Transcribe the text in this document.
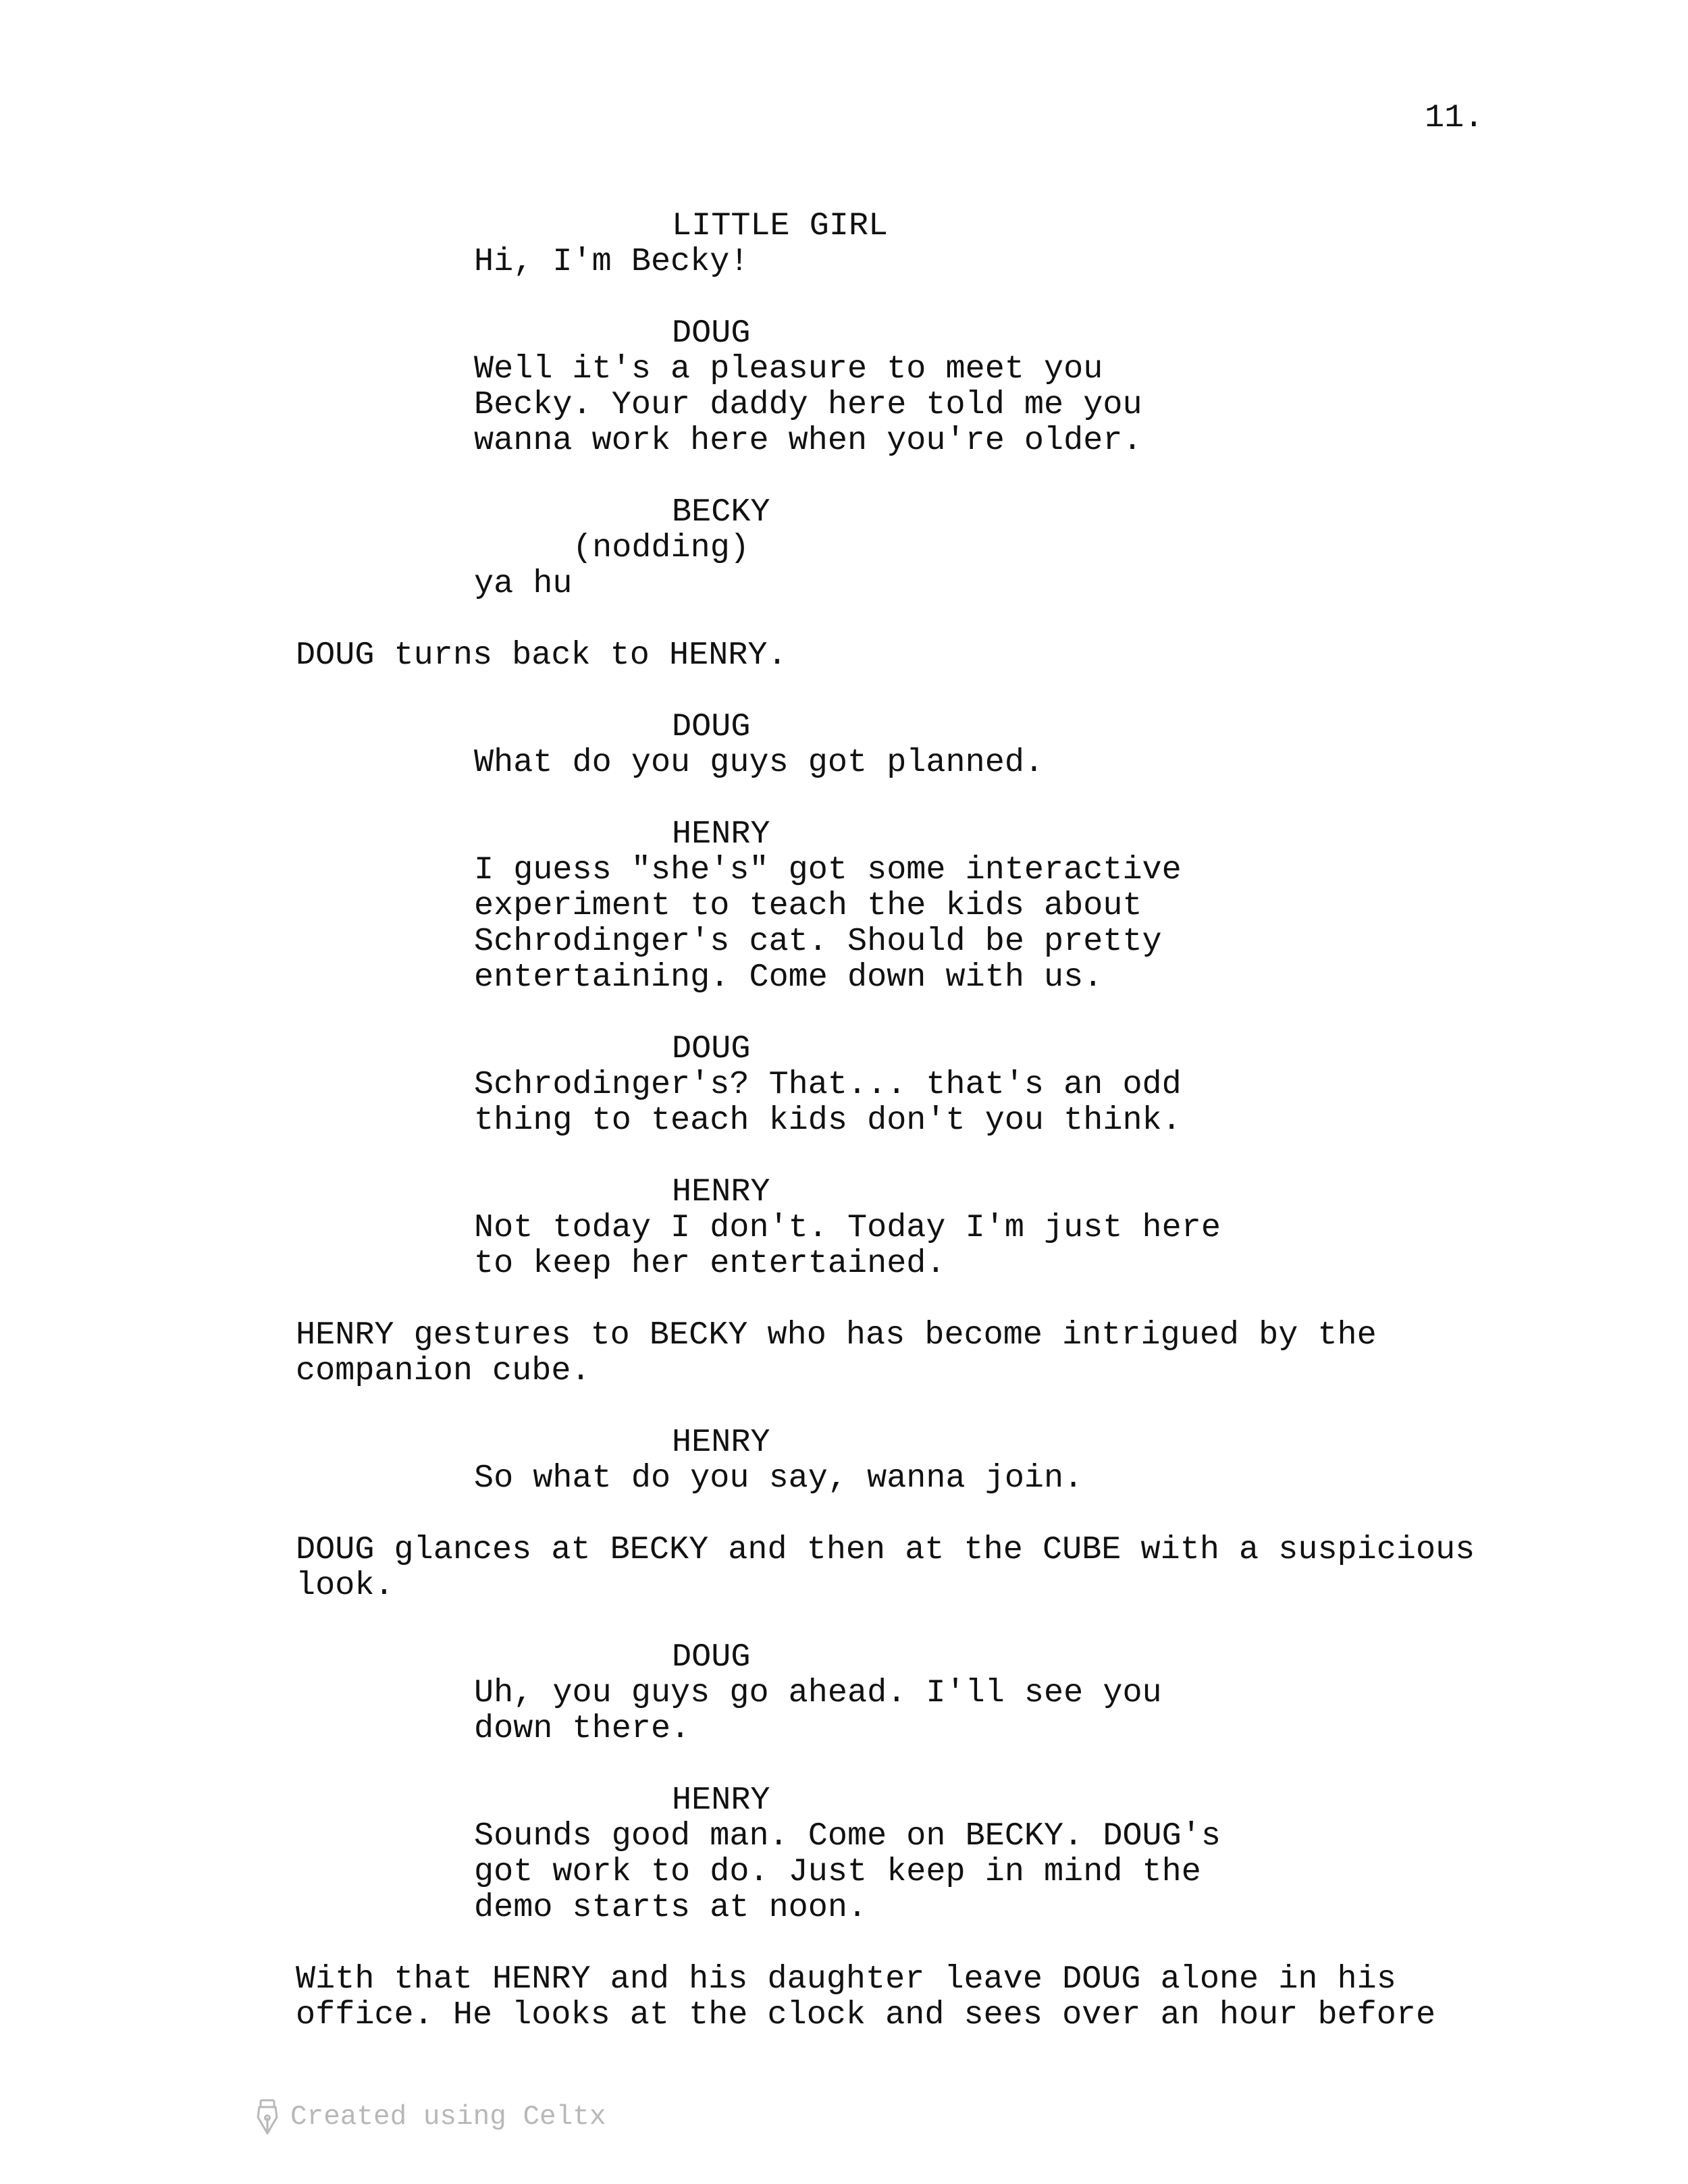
11.
LITTLE GIRL
Hi, I'm Becky!
DOUG
Well it's a pleasure to meet you
Becky. Your daddy here told me you
wanna work here when you're older.
BECKY
(nodding)
ya hu
DOUG turns back to HENRY.
DOUG
What do you guys got planned.
HENRY
I guess "she's" got some interactive
experiment to teach the kids about
Schrodinger's cat. Should be pretty
entertaining. Come down with us.
DOUG
Schrodinger's? That... that's an odd
thing to teach kids don't you think.
HENRY
Not today I don't. Today I'm just here
to keep her entertained.
HENRY gestures to BECKY who has become intrigued by the
companion cube.
HENRY
So what do you say, wanna join.
DOUG glances at BECKY and then at the CUBE with a suspicious
look.
DOUG
Uh, you guys go ahead. I'll see you
down there.
HENRY
Sounds good man. Come on BECKY. DOUG's
got work to do. Just keep in mind the
demo starts at noon.
With that HENRY and his daughter leave DOUG alone in his
office. He looks at the clock and sees over an hour before
Created using Celtx
